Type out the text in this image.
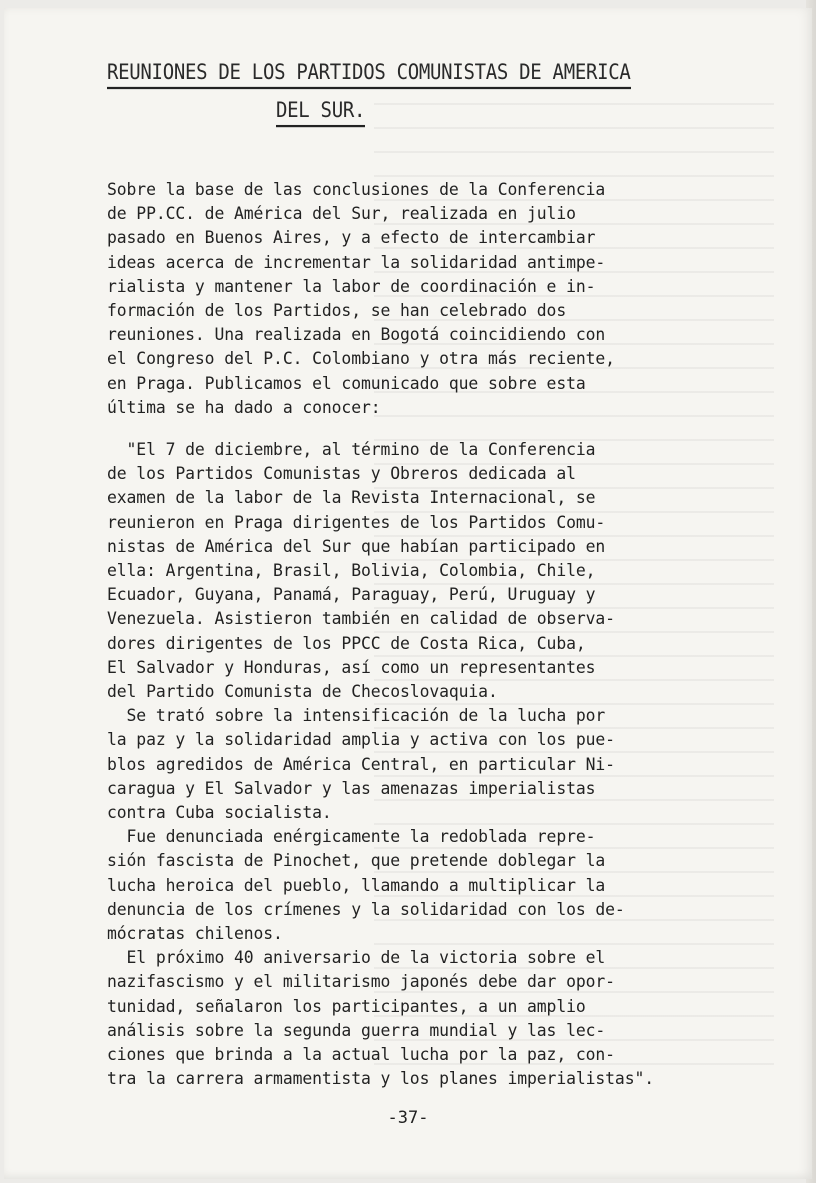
REUNIONES DE LOS PARTIDOS COMUNISTAS DE AMERICA
DEL SUR.
Sobre la base de las conclusiones de la Conferencia
de PP.CC. de América del Sur, realizada en julio
pasado en Buenos Aires, y a efecto de intercambiar
ideas acerca de incrementar la solidaridad antimpe-
rialista y mantener la labor de coordinación e in-
formación de los Partidos, se han celebrado dos
reuniones. Una realizada en Bogotá coincidiendo con
el Congreso del P.C. Colombiano y otra más reciente,
en Praga. Publicamos el comunicado que sobre esta
última se ha dado a conocer:
"El 7 de diciembre, al término de la Conferencia
de los Partidos Comunistas y Obreros dedicada al
examen de la labor de la Revista Internacional, se
reunieron en Praga dirigentes de los Partidos Comu-
nistas de América del Sur que habían participado en
ella: Argentina, Brasil, Bolivia, Colombia, Chile,
Ecuador, Guyana, Panamá, Paraguay, Perú, Uruguay y
Venezuela. Asistieron también en calidad de observa-
dores dirigentes de los PPCC de Costa Rica, Cuba,
El Salvador y Honduras, así como un representantes
del Partido Comunista de Checoslovaquia.
Se trató sobre la intensificación de la lucha por
la paz y la solidaridad amplia y activa con los pue-
blos agredidos de América Central, en particular Ni-
caragua y El Salvador y las amenazas imperialistas
contra Cuba socialista.
Fue denunciada enérgicamente la redoblada repre-
sión fascista de Pinochet, que pretende doblegar la
lucha heroica del pueblo, llamando a multiplicar la
denuncia de los crímenes y la solidaridad con los de-
mócratas chilenos.
El próximo 40 aniversario de la victoria sobre el
nazifascismo y el militarismo japonés debe dar opor-
tunidad, señalaron los participantes, a un amplio
análisis sobre la segunda guerra mundial y las lec-
ciones que brinda a la actual lucha por la paz, con-
tra la carrera armamentista y los planes imperialistas".
-37-
